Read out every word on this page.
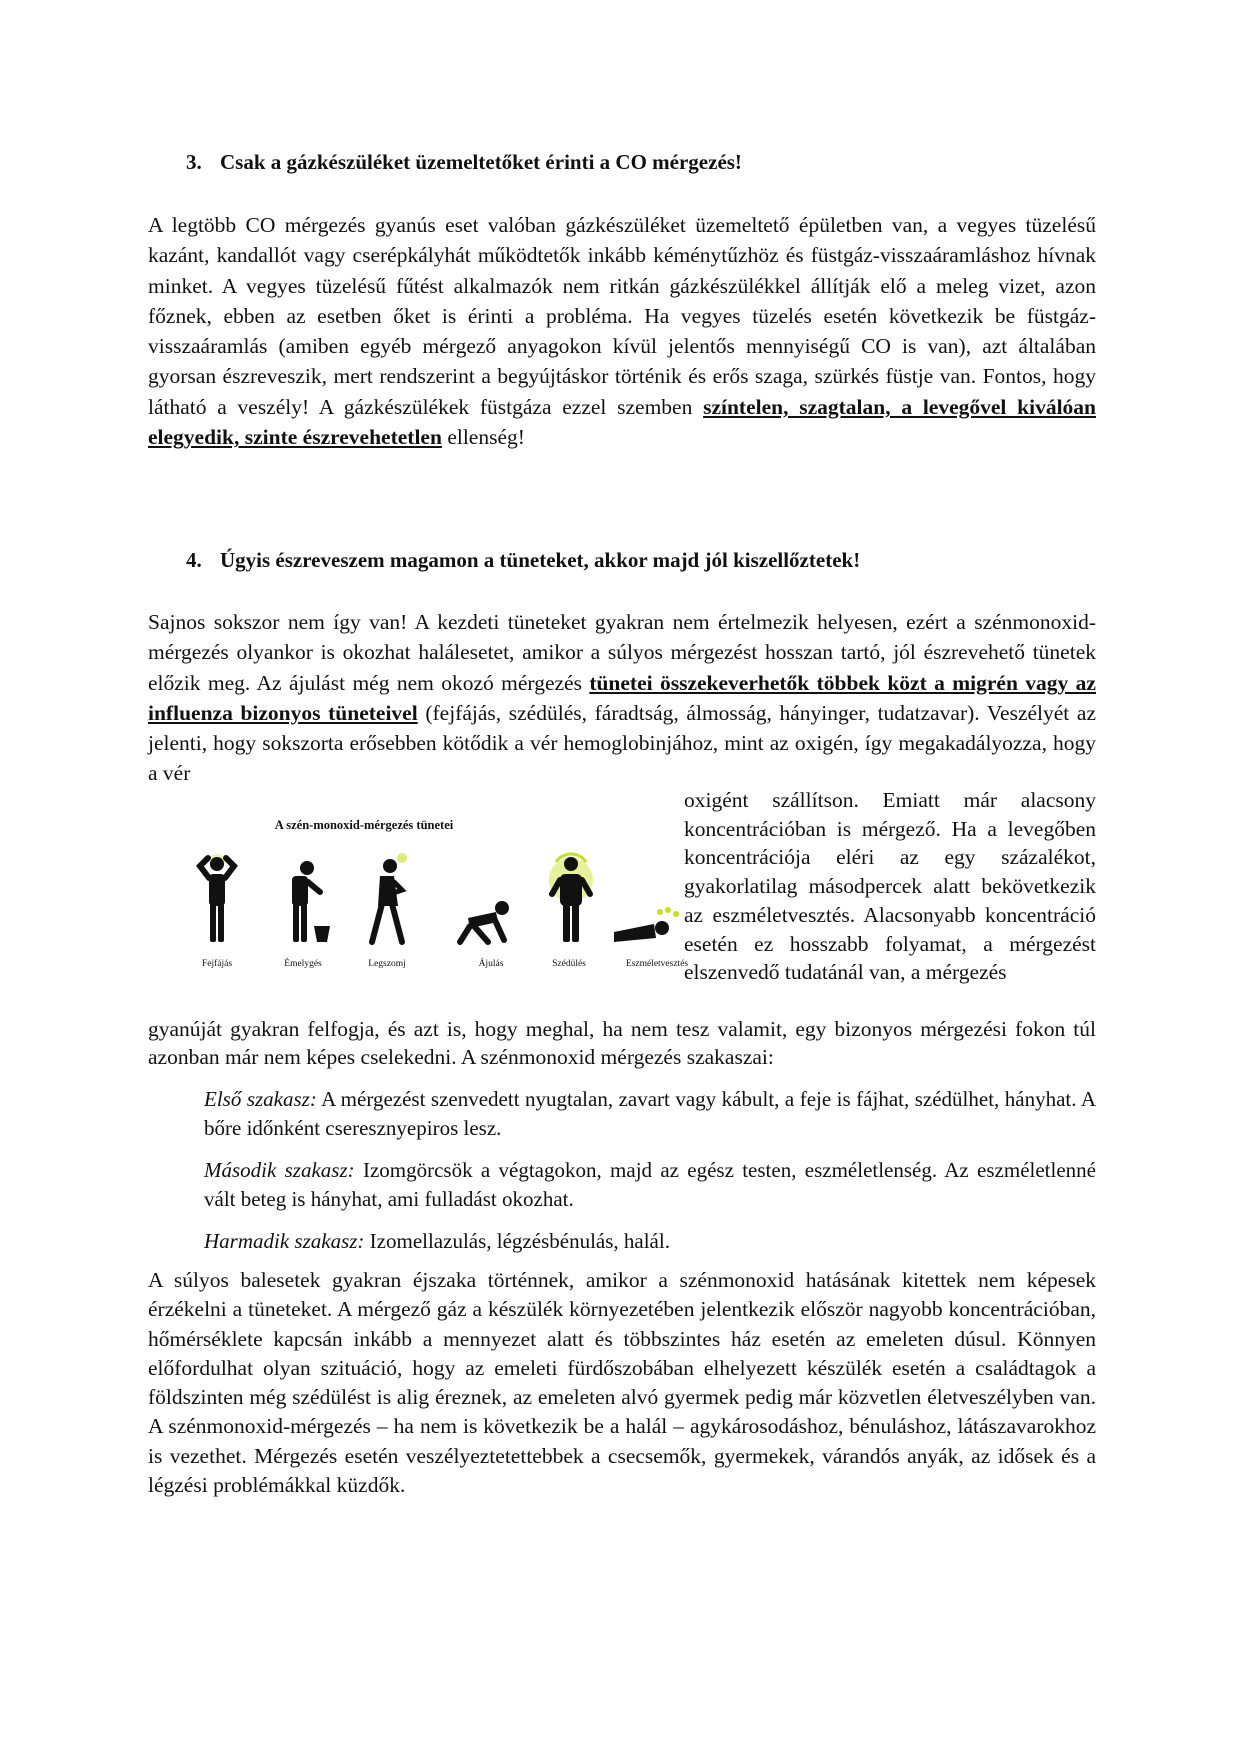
3. Csak a gázkészüléket üzemeltetőket érinti a CO mérgezés!

A legtöbb CO mérgezés gyanús eset valóban gázkészüléket üzemeltető épületben van, a vegyes tüzelésű kazánt, kandallót vagy cserépkályhát működtetők inkább kéménytűzhöz és füstgáz-visszaáramláshoz hívnak minket. A vegyes tüzelésű fűtést alkalmazók nem ritkán gázkészülékkel állítják elő a meleg vizet, azon főznek, ebben az esetben őket is érinti a probléma. Ha vegyes tüzelés esetén következik be füstgáz-visszaáramlás (amiben egyéb mérgező anyagokon kívül jelentős mennyiségű CO is van), azt általában gyorsan észreveszik, mert rendszerint a begyújtáskor történik és erős szaga, szürkés füstje van. Fontos, hogy látható a veszély! A gázkészülékek füstgáza ezzel szemben színtelen, szagtalan, a levegővel kiválóan elegyedik, szinte észrevehetetlen ellenség!

4. Úgyis észreveszem magamon a tüneteket, akkor majd jól kiszellőztetek!

Sajnos sokszor nem így van! A kezdeti tüneteket gyakran nem értelmezik helyesen, ezért a szénmonoxid-mérgezés olyankor is okozhat halálesetet, amikor a súlyos mérgezést hosszan tartó, jól észrevehető tünetek előzik meg. Az ájulást még nem okozó mérgezés tünetei összekeverhetők többek közt a migrén vagy az influenza bizonyos tüneteivel (fejfájás, szédülés, fáradtság, álmosság, hányinger, tudatzavar). Veszélyét az jelenti, hogy sokszorta erősebben kötődik a vér hemoglobinjához, mint az oxigén, így megakadályozza, hogy a vér

A szén-monoxid-mérgezés tünetei
Fejfájás	Émelygés	Legszomj	Ájulás	Szédülés	Eszméletvesztés

oxigént szállítson. Emiatt már alacsony koncentrációban is mérgező. Ha a levegőben koncentrációja eléri az egy százalékot, gyakorlatilag másodpercek alatt bekövetkezik az eszméletvesztés. Alacsonyabb koncentráció esetén ez hosszabb folyamat, a mérgezést elszenvedő tudatánál van, a mérgezés

gyanúját gyakran felfogja, és azt is, hogy meghal, ha nem tesz valamit, egy bizonyos mérgezési fokon túl azonban már nem képes cselekedni. A szénmonoxid mérgezés szakaszai:

Első szakasz: A mérgezést szenvedett nyugtalan, zavart vagy kábult, a feje is fájhat, szédülhet, hányhat. A bőre időnként cseresznyepiros lesz.

Második szakasz: Izomgörcsök a végtagokon, majd az egész testen, eszméletlenség. Az eszméletlenné vált beteg is hányhat, ami fulladást okozhat.

Harmadik szakasz: Izomellazulás, légzésbénulás, halál.

A súlyos balesetek gyakran éjszaka történnek, amikor a szénmonoxid hatásának kitettek nem képesek érzékelni a tüneteket. A mérgező gáz a készülék környezetében jelentkezik először nagyobb koncentrációban, hőmérséklete kapcsán inkább a mennyezet alatt és többszintes ház esetén az emeleten dúsul. Könnyen előfordulhat olyan szituáció, hogy az emeleti fürdőszobában elhelyezett készülék esetén a családtagok a földszinten még szédülést is alig éreznek, az emeleten alvó gyermek pedig már közvetlen életveszélyben van. A szénmonoxid-mérgezés – ha nem is következik be a halál – agykárosodáshoz, bénuláshoz, látászavarokhoz is vezethet. Mérgezés esetén veszélyeztetettebbek a csecsemők, gyermekek, várandós anyák, az idősek és a légzési problémákkal küzdők.
